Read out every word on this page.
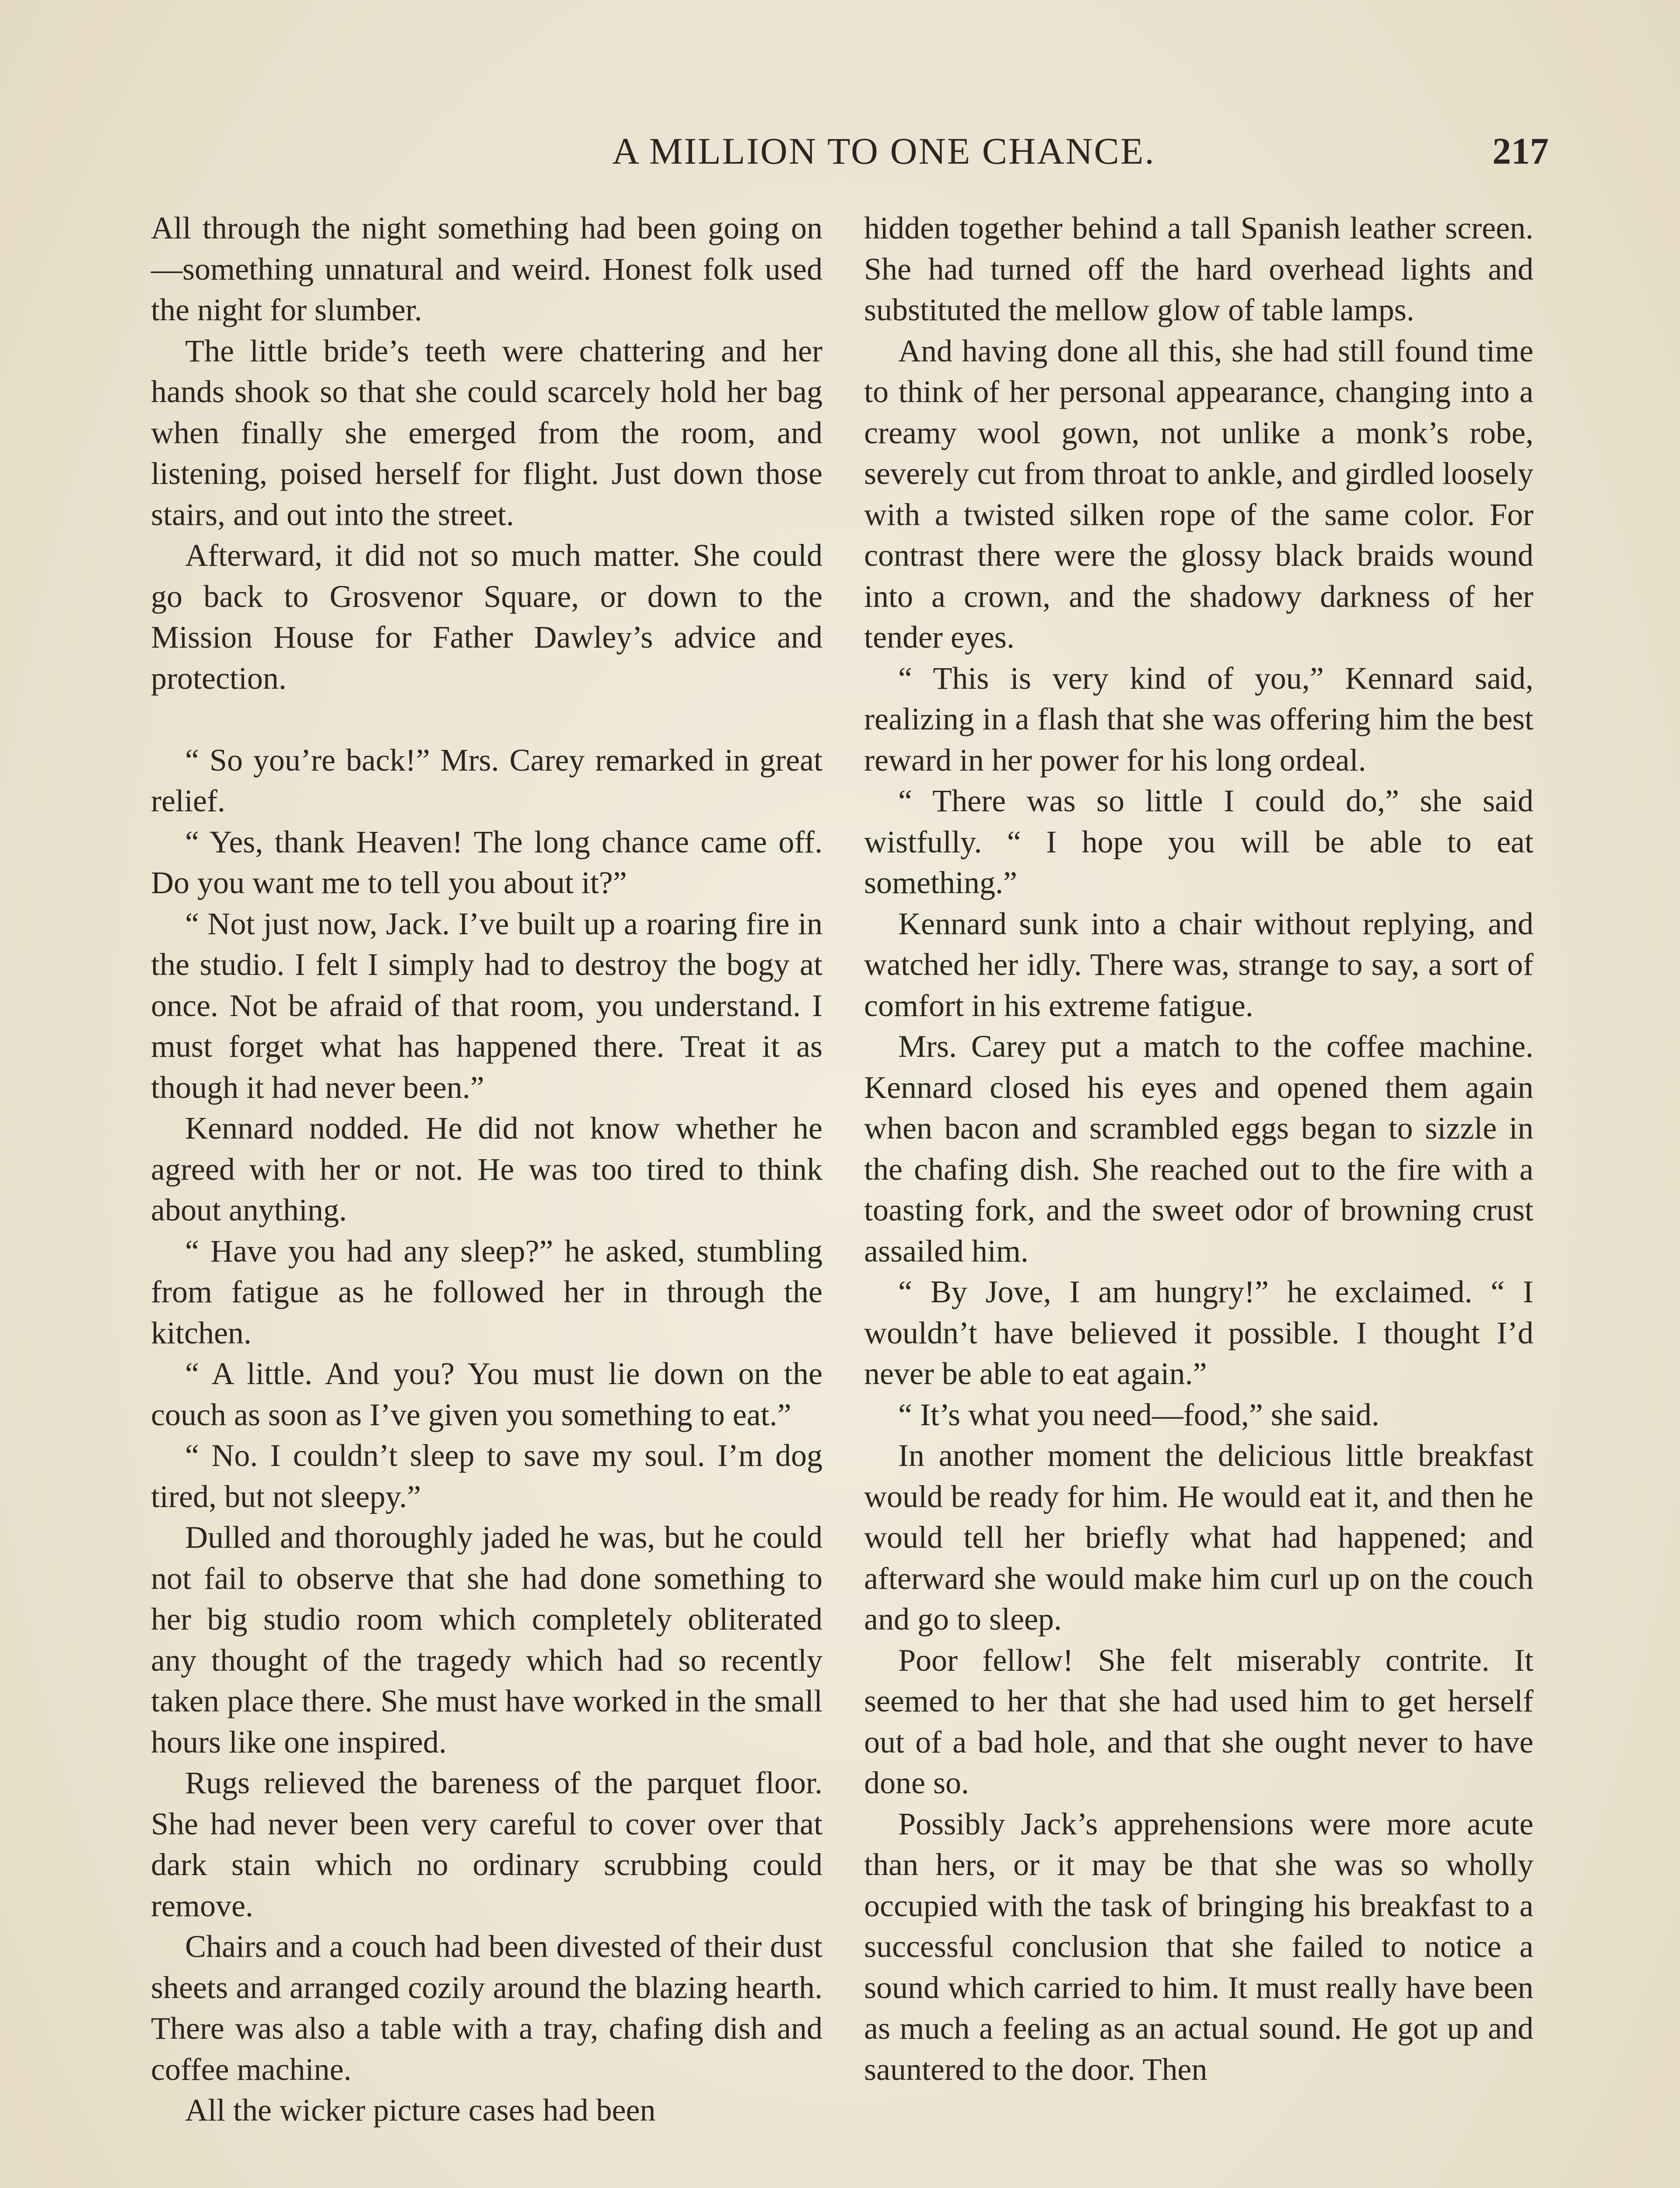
A MILLION TO ONE CHANCE.	217

All through the night something had been going on—something unnatural and weird. Honest folk used the night for slumber.

The little bride’s teeth were chattering and her hands shook so that she could scarcely hold her bag when finally she emerged from the room, and listening, poised herself for flight. Just down those stairs, and out into the street.

Afterward, it did not so much matter. She could go back to Grosvenor Square, or down to the Mission House for Father Dawley’s advice and protection.

“ So you’re back!” Mrs. Carey remarked in great relief.

“ Yes, thank Heaven! The long chance came off. Do you want me to tell you about it?”

“ Not just now, Jack. I’ve built up a roaring fire in the studio. I felt I simply had to destroy the bogy at once. Not be afraid of that room, you understand. I must forget what has happened there. Treat it as though it had never been.”

Kennard nodded. He did not know whether he agreed with her or not. He was too tired to think about anything.

“ Have you had any sleep?” he asked, stumbling from fatigue as he followed her in through the kitchen.

“ A little. And you? You must lie down on the couch as soon as I’ve given you something to eat.”

“ No. I couldn’t sleep to save my soul. I’m dog tired, but not sleepy.”

Dulled and thoroughly jaded he was, but he could not fail to observe that she had done something to her big studio room which completely obliterated any thought of the tragedy which had so recently taken place there. She must have worked in the small hours like one inspired.

Rugs relieved the bareness of the parquet floor. She had never been very careful to cover over that dark stain which no ordinary scrubbing could remove.

Chairs and a couch had been divested of their dust sheets and arranged cozily around the blazing hearth. There was also a table with a tray, chafing dish and coffee machine.

All the wicker picture cases had been

hidden together behind a tall Spanish leather screen. She had turned off the hard overhead lights and substituted the mellow glow of table lamps.

And having done all this, she had still found time to think of her personal appearance, changing into a creamy wool gown, not unlike a monk’s robe, severely cut from throat to ankle, and girdled loosely with a twisted silken rope of the same color. For contrast there were the glossy black braids wound into a crown, and the shadowy darkness of her tender eyes.

“ This is very kind of you,” Kennard said, realizing in a flash that she was offering him the best reward in her power for his long ordeal.

“ There was so little I could do,” she said wistfully. “ I hope you will be able to eat something.”

Kennard sunk into a chair without replying, and watched her idly. There was, strange to say, a sort of comfort in his extreme fatigue.

Mrs. Carey put a match to the coffee machine. Kennard closed his eyes and opened them again when bacon and scrambled eggs began to sizzle in the chafing dish. She reached out to the fire with a toasting fork, and the sweet odor of browning crust assailed him.

“ By Jove, I am hungry!” he exclaimed. “ I wouldn’t have believed it possible. I thought I’d never be able to eat again.”

“ It’s what you need—food,” she said.

In another moment the delicious little breakfast would be ready for him. He would eat it, and then he would tell her briefly what had happened; and afterward she would make him curl up on the couch and go to sleep.

Poor fellow! She felt miserably contrite. It seemed to her that she had used him to get herself out of a bad hole, and that she ought never to have done so.

Possibly Jack’s apprehensions were more acute than hers, or it may be that she was so wholly occupied with the task of bringing his breakfast to a successful conclusion that she failed to notice a sound which carried to him. It must really have been as much a feeling as an actual sound. He got up and sauntered to the door. Then
